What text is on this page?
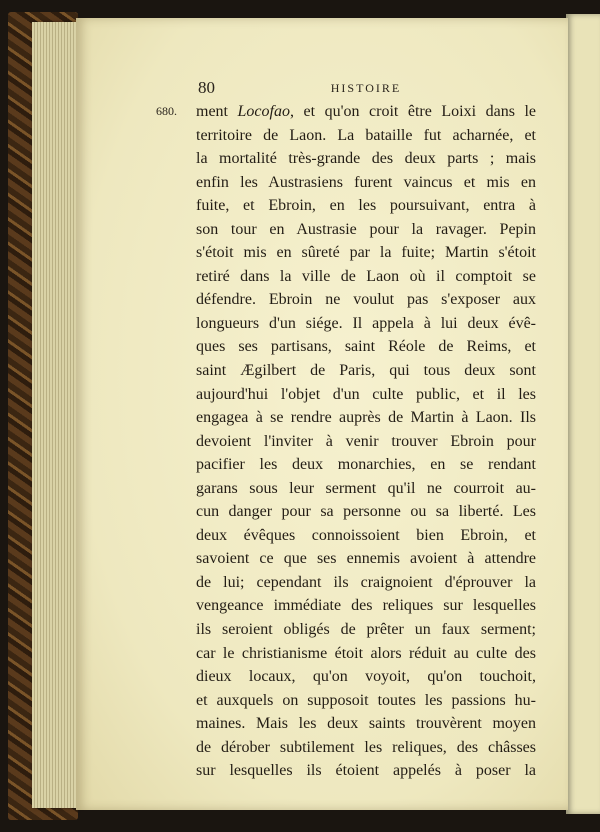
80	HISTOIRE
680. ment Locofao, et qu'on croit être Loixi dans le
territoire de Laon. La bataille fut acharnée, et
la mortalité très-grande des deux parts ; mais
enfin les Austrasiens furent vaincus et mis en
fuite, et Ebroin, en les poursuivant, entra à
son tour en Austrasie pour la ravager. Pepin
s'étoit mis en sûreté par la fuite; Martin s'étoit
retiré dans la ville de Laon où il comptoit se
défendre. Ebroin ne voulut pas s'exposer aux
longueurs d'un siége. Il appela à lui deux évê-
ques ses partisans, saint Réole de Reims, et
saint Ægilbert de Paris, qui tous deux sont
aujourd'hui l'objet d'un culte public, et il les
engagea à se rendre auprès de Martin à Laon. Ils
devoient l'inviter à venir trouver Ebroin pour
pacifier les deux monarchies, en se rendant
garans sous leur serment qu'il ne courroit au-
cun danger pour sa personne ou sa liberté. Les
deux évêques connoissoient bien Ebroin, et
savoient ce que ses ennemis avoient à attendre
de lui; cependant ils craignoient d'éprouver la
vengeance immédiate des reliques sur lesquelles
ils seroient obligés de prêter un faux serment;
car le christianisme étoit alors réduit au culte des
dieux locaux, qu'on voyoit, qu'on touchoit,
et auxquels on supposoit toutes les passions hu-
maines. Mais les deux saints trouvèrent moyen
de dérober subtilement les reliques, des châsses
sur lesquelles ils étoient appelés à poser la
